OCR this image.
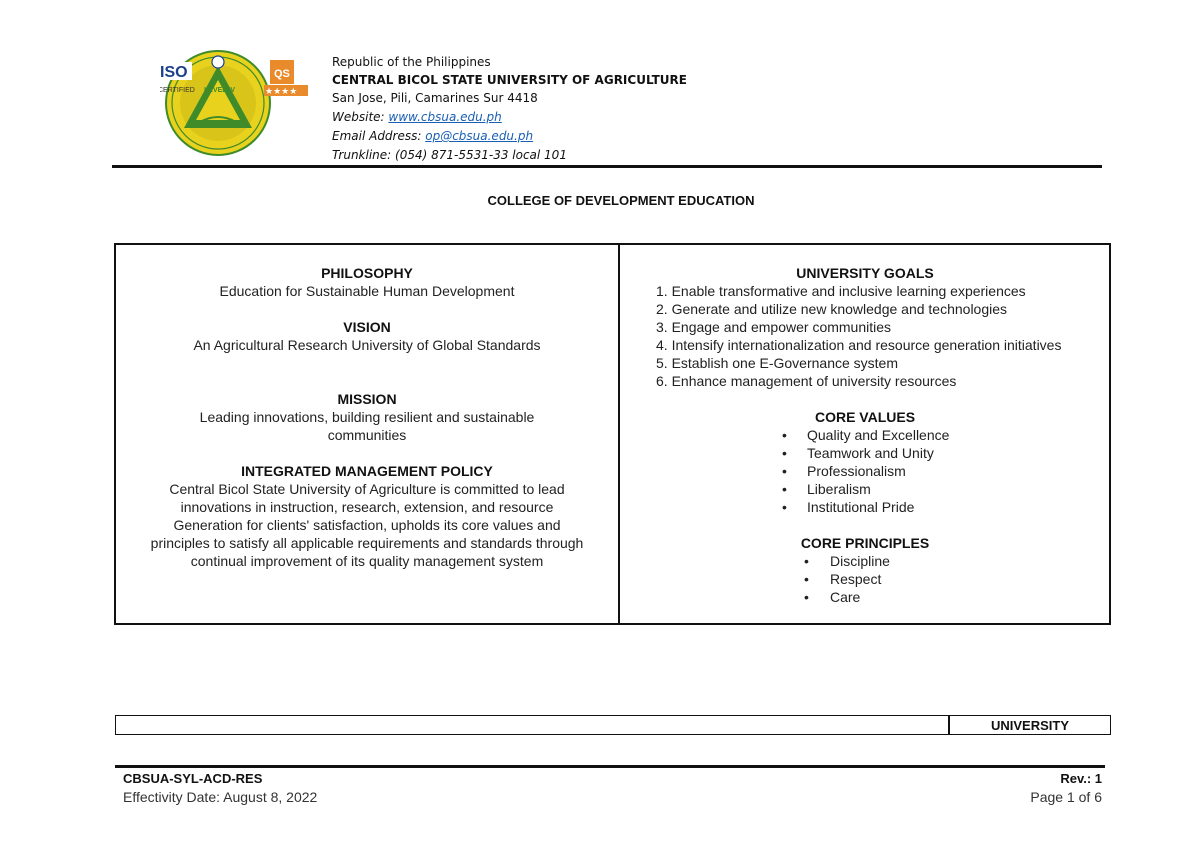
ISO
CERTIFIED LEVEL IV
QS
★★★★
Republic of the Philippines
CENTRAL BICOL STATE UNIVERSITY OF AGRICULTURE
San Jose, Pili, Camarines Sur 4418
Website: www.cbsua.edu.ph
Email Address: op@cbsua.edu.ph
Trunkline: (054) 871-5531-33 local 101
COLLEGE OF DEVELOPMENT EDUCATION
PHILOSOPHY
Education for Sustainable Human Development
VISION
An Agricultural Research University of Global Standards
MISSION
Leading innovations, building resilient and sustainable
communities
INTEGRATED MANAGEMENT POLICY
Central Bicol State University of Agriculture is committed to lead
innovations in instruction, research, extension, and resource
Generation for clients' satisfaction, upholds its core values and
principles to satisfy all applicable requirements and standards through
continual improvement of its quality management system
UNIVERSITY GOALS
1. Enable transformative and inclusive learning experiences
2. Generate and utilize new knowledge and technologies
3. Engage and empower communities
4. Intensify internationalization and resource generation initiatives
5. Establish one E-Governance system
6. Enhance management of university resources
CORE VALUES
• Quality and Excellence
• Teamwork and Unity
• Professionalism
• Liberalism
• Institutional Pride
CORE PRINCIPLES
• Discipline
• Respect
• Care
UNIVERSITY
CBSUA-SYL-ACD-RES	Rev.: 1
Effectivity Date: August 8, 2022	Page 1 of 6
